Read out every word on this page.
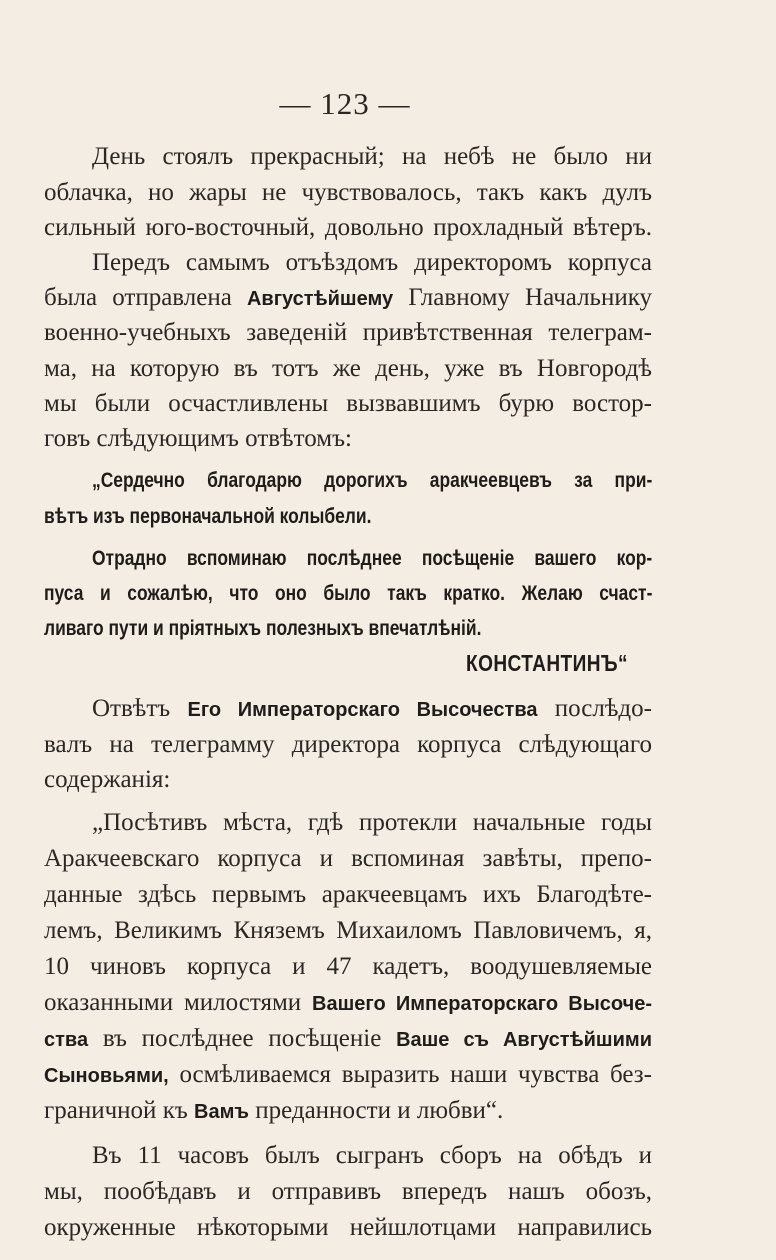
— 123 —
День стоялъ прекрасный; на небѣ не было ни
облачка, но жары не чувствовалось, такъ какъ дулъ
сильный юго-восточный, довольно прохладный вѣтеръ.
Передъ самымъ отъѣздомъ директоромъ корпуса
была отправлена Августѣйшему Главному Начальнику
военно-учебныхъ заведенiй привѣтственная телеграм-
ма, на которую въ тотъ же день, уже въ Новгородѣ
мы были осчастливлены вызвавшимъ бурю востор-
говъ слѣдующимъ отвѣтомъ:
„Сердечно благодарю дорогихъ аракчеевцевъ за при-
вѣтъ изъ первоначальной колыбели.
Отрадно вспоминаю послѣднее посѣщенiе вашего кор-
пуса и сожалѣю, что оно было такъ кратко. Желаю счаст-
ливаго пути и прiятныхъ полезныхъ впечатлѣнiй.
КОНСТАНТИНЪ“
Отвѣтъ Его Императорскаго Высочества послѣдо-
валъ на телеграмму директора корпуса слѣдующаго
содержанiя:
„Посѣтивъ мѣста, гдѣ протекли начальные годы
Аракчеевскаго корпуса и вспоминая завѣты, препо-
данные здѣсь первымъ аракчеевцамъ ихъ Благодѣте-
лемъ, Великимъ Княземъ Михаиломъ Павловичемъ, я,
10 чиновъ корпуса и 47 кадетъ, воодушевляемые
оказанными милостями Вашего Императорскаго Высоче-
ства въ послѣднее посѣщенiе Ваше съ Августѣйшими
Сыновьями, осмѣливаемся выразить наши чувства без-
граничной къ Вамъ преданности и любви“.
Въ 11 часовъ былъ сыгранъ сборъ на обѣдъ и
мы, пообѣдавъ и отправивъ впередъ нашъ обозъ,
окруженные нѣкоторыми нейшлотцами направились
